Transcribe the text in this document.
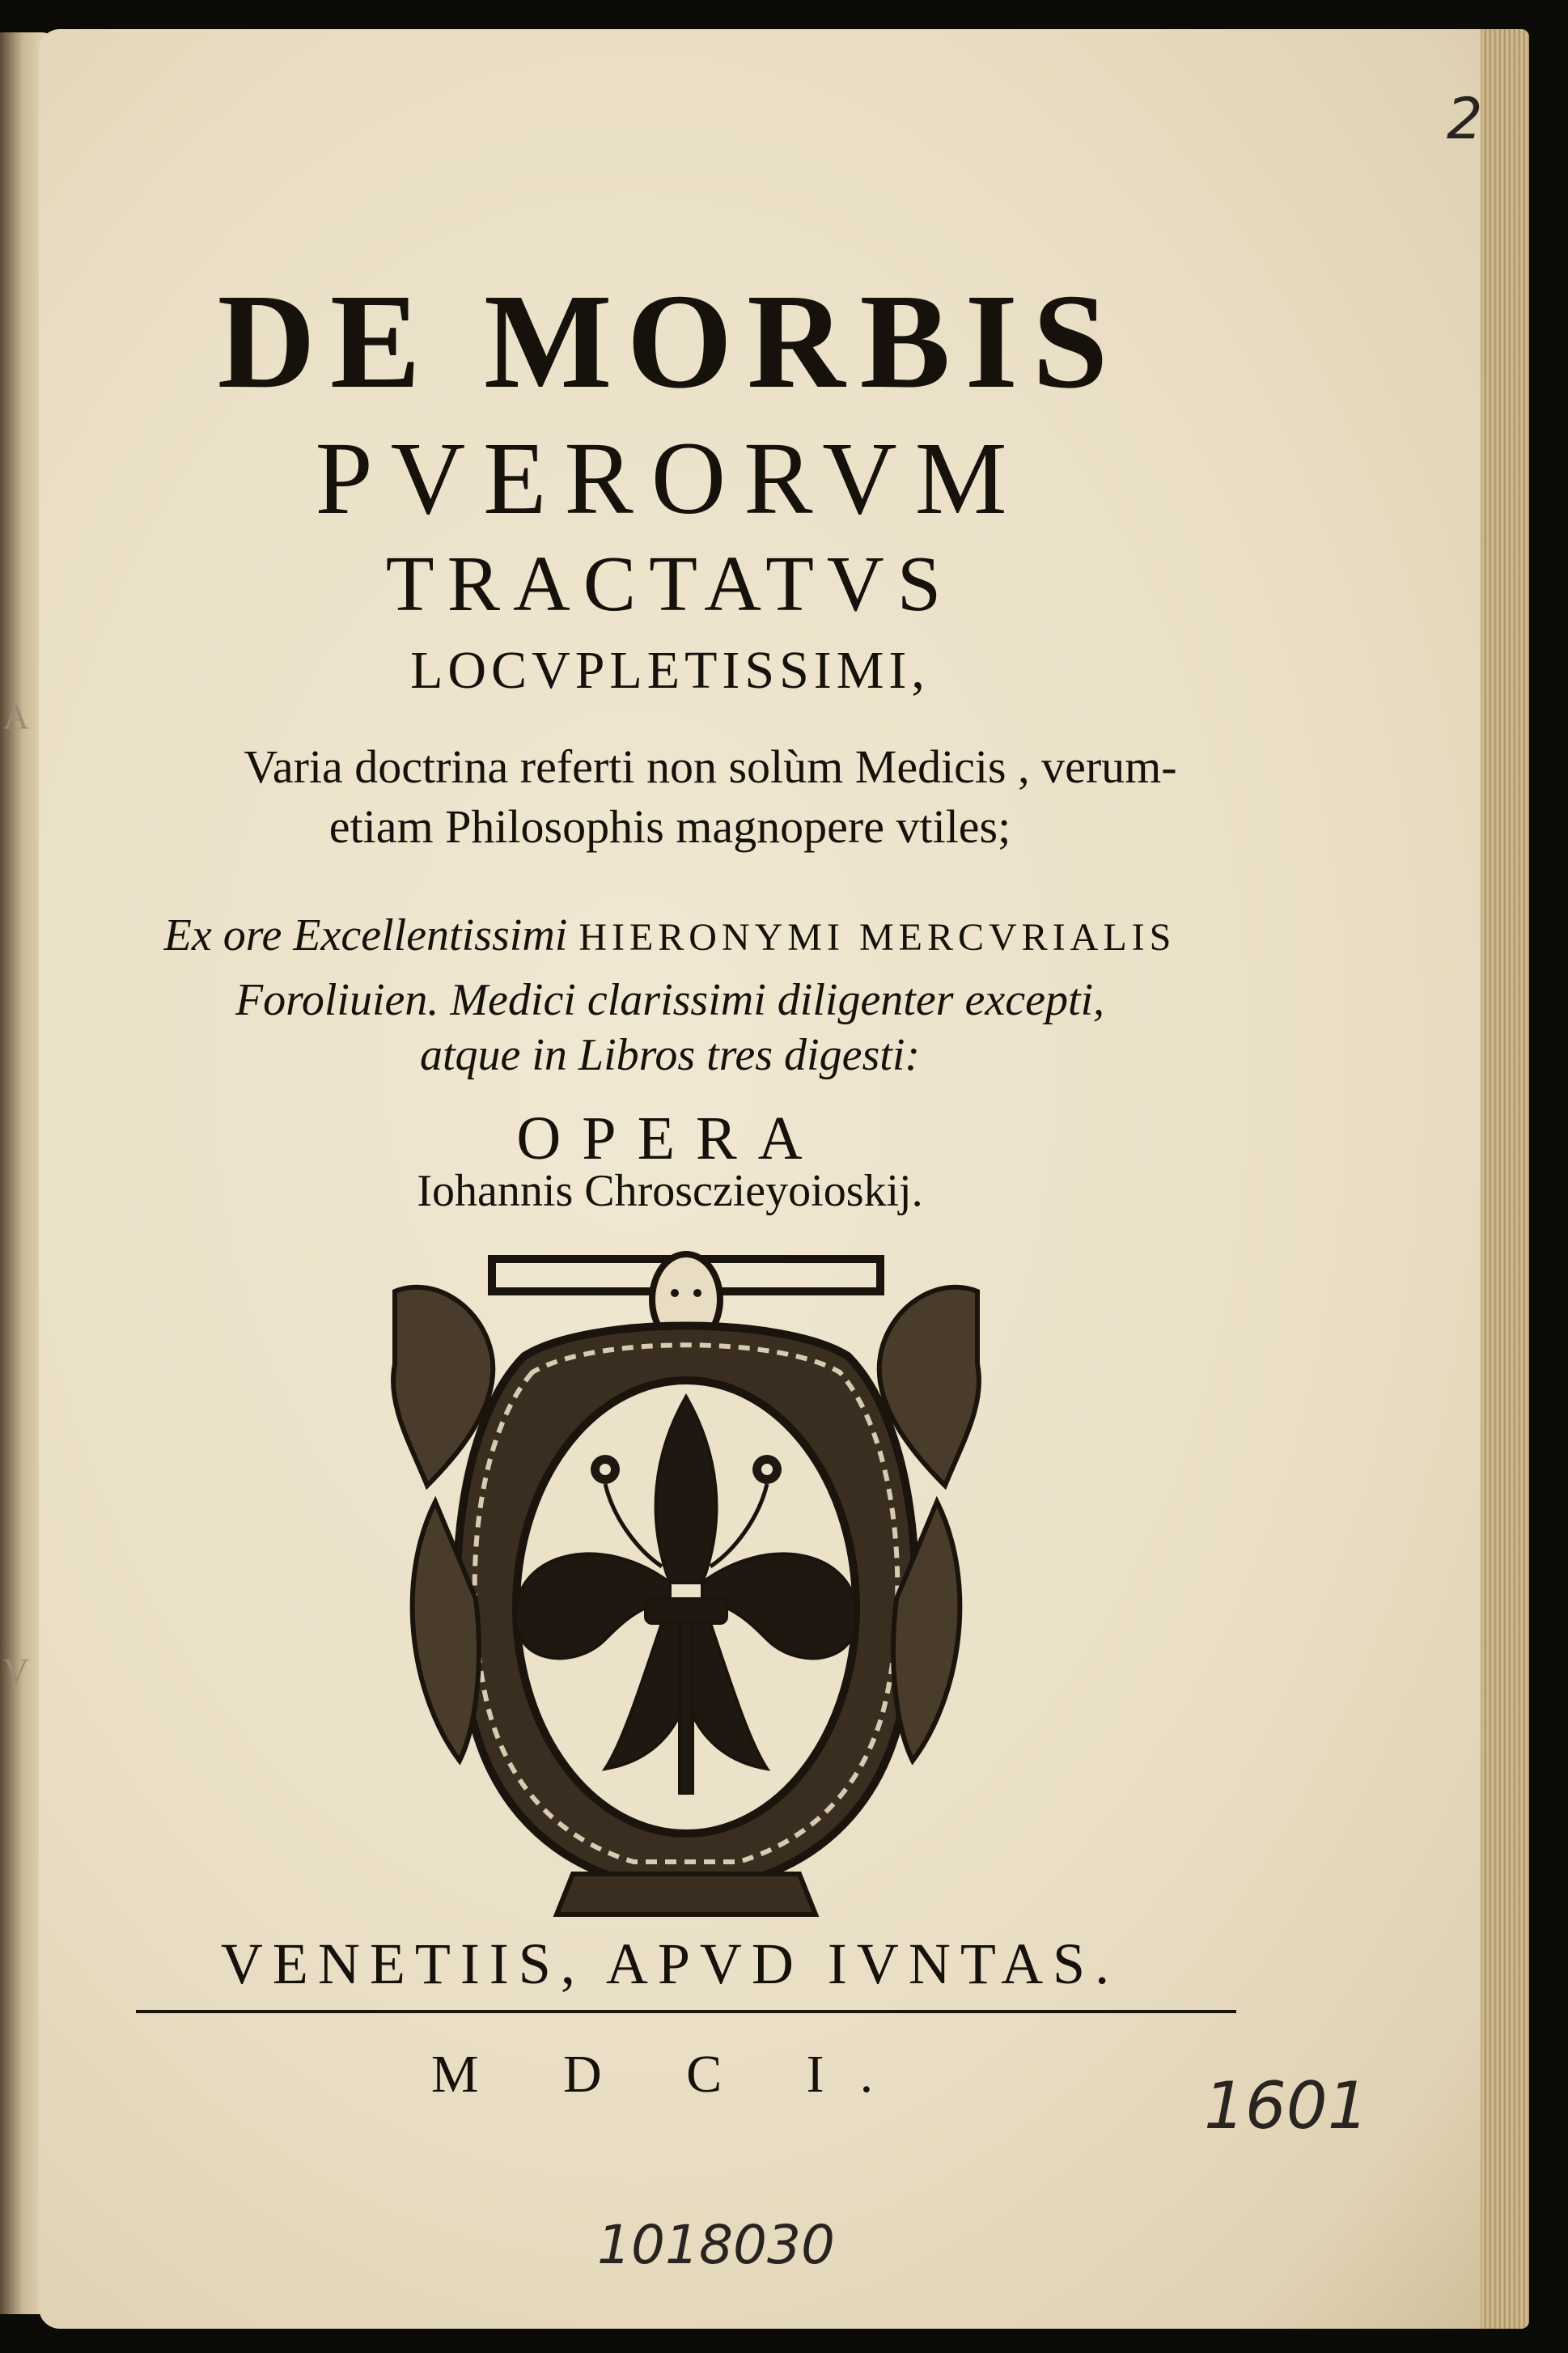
A
V
DE MORBIS
PVERORVM
TRACTATVS
LOCVPLETISSIMI,
Varia doctrina referti non solùm Medicis , verum-
etiam Philosophis magnopere vtiles;
Ex ore Excellentissimi HIERONYMI MERCVRIALIS
Foroliuien. Medici clarissimi diligenter excepti,
atque in Libros tres digesti:
OPERA
Iohannis Chrosczieyoioskij.
VENETIIS, APVD IVNTAS.
M D C I.
2
1601
1018030
